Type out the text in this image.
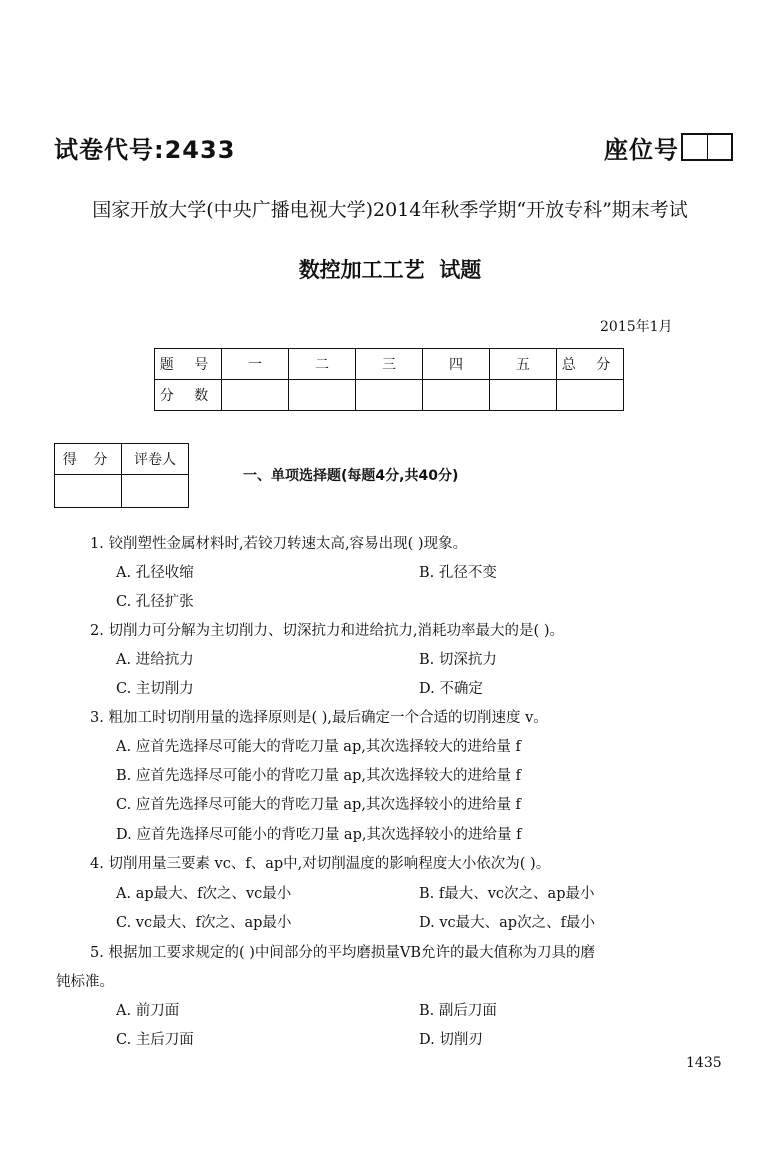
试卷代号:2433	座位号
国家开放大学(中央广播电视大学)2014年秋季学期“开放专科”期末考试
数控加工工艺  试题
2015年1月
题 号	一	二	三	四	五	总 分
分 数						
得 分	评卷人

一、单项选择题(每题4分,共40分)
1. 铰削塑性金属材料时,若铰刀转速太高,容易出现( )现象。
A. 孔径收缩	B. 孔径不变
C. 孔径扩张
2. 切削力可分解为主切削力、切深抗力和进给抗力,消耗功率最大的是( )。
A. 进给抗力	B. 切深抗力
C. 主切削力	D. 不确定
3. 粗加工时切削用量的选择原则是( ),最后确定一个合适的切削速度 v。
A. 应首先选择尽可能大的背吃刀量 ap,其次选择较大的进给量 f
B. 应首先选择尽可能小的背吃刀量 ap,其次选择较大的进给量 f
C. 应首先选择尽可能大的背吃刀量 ap,其次选择较小的进给量 f
D. 应首先选择尽可能小的背吃刀量 ap,其次选择较小的进给量 f
4. 切削用量三要素 vc、f、ap中,对切削温度的影响程度大小依次为( )。
A. ap最大、f次之、vc最小	B. f最大、vc次之、ap最小
C. vc最大、f次之、ap最小	D. vc最大、ap次之、f最小
5. 根据加工要求规定的( )中间部分的平均磨损量VB允许的最大值称为刀具的磨
钝标准。
A. 前刀面	B. 副后刀面
C. 主后刀面	D. 切削刃
1435
